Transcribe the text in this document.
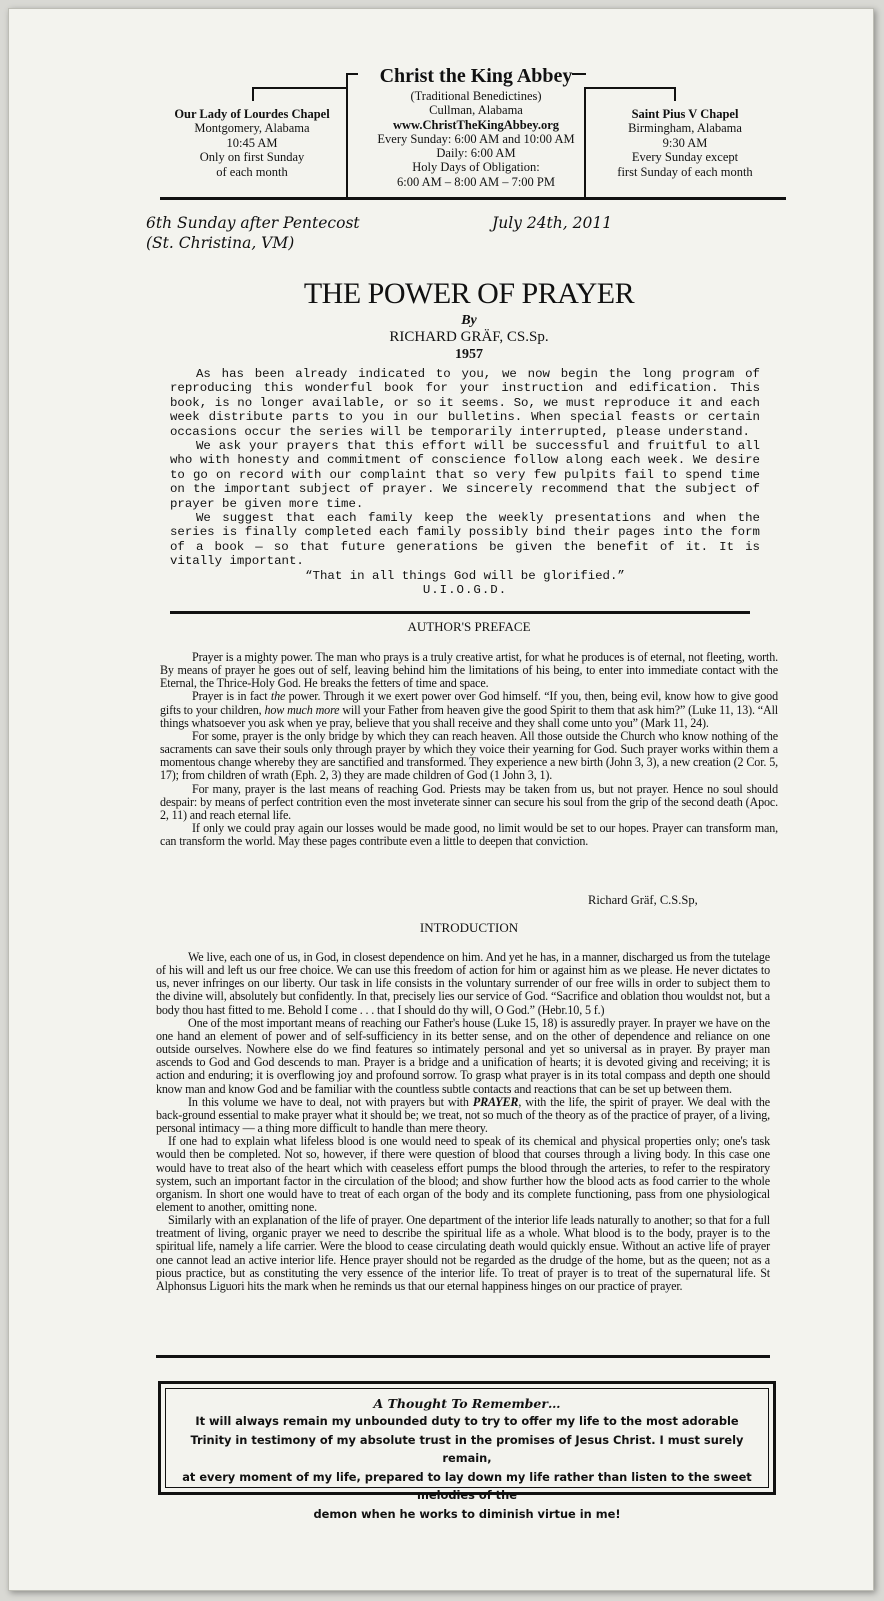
Our Lady of Lourdes Chapel
Montgomery, Alabama
10:45 AM
Only on first Sunday
of each month
Christ the King Abbey
(Traditional Benedictines)
Cullman, Alabama
www.ChristTheKingAbbey.org
Every Sunday: 6:00 AM and 10:00 AM
Daily: 6:00 AM
Holy Days of Obligation:
6:00 AM – 8:00 AM – 7:00 PM
Saint Pius V Chapel
Birmingham, Alabama
9:30 AM
Every Sunday except
first Sunday of each month
6th Sunday after Pentecost
(St. Christina, VM)
July 24th, 2011
THE POWER OF PRAYER
By
RICHARD GRÄF, CS.Sp.
1957

As has been already indicated to you, we now begin the long program of reproducing this wonderful book for your instruction and edification. This book, is no longer available, or so it seems. So, we must reproduce it and each week distribute parts to you in our bulletins. When special feasts or certain occasions occur the series will be temporarily interrupted, please understand.

We ask your prayers that this effort will be successful and fruitful to all who with honesty and commitment of conscience follow along each week. We desire to go on record with our complaint that so very few pulpits fail to spend time on the important subject of prayer. We sincerely recommend that the subject of prayer be given more time.

We suggest that each family keep the weekly presentations and when the series is finally completed each family possibly bind their pages into the form of a book — so that future generations be given the benefit of it. It is vitally important.

“That in all things God will be glorified.”

U.I.O.G.D.

AUTHOR'S PREFACE

Prayer is a mighty power. The man who prays is a truly creative artist, for what he produces is of eternal, not fleeting, worth. By means of prayer he goes out of self, leaving behind him the limitations of his being, to enter into immediate contact with the Eternal, the Thrice-Holy God. He breaks the fetters of time and space.

Prayer is in fact the power. Through it we exert power over God himself. “If you, then, being evil, know how to give good gifts to your children, how much more will your Father from heaven give the good Spirit to them that ask him?” (Luke 11, 13). “All things whatsoever you ask when ye pray, believe that you shall receive and they shall come unto you” (Mark 11, 24).

For some, prayer is the only bridge by which they can reach heaven. All those outside the Church who know nothing of the sacraments can save their souls only through prayer by which they voice their yearning for God. Such prayer works within them a momentous change whereby they are sanctified and transformed. They experience a new birth (John 3, 3), a new creation (2 Cor. 5, 17); from children of wrath (Eph. 2, 3) they are made children of God (1 John 3, 1).

For many, prayer is the last means of reaching God. Priests may be taken from us, but not prayer. Hence no soul should despair: by means of perfect contrition even the most inveterate sinner can secure his soul from the grip of the second death (Apoc. 2, 11) and reach eternal life.

If only we could pray again our losses would be made good, no limit would be set to our hopes. Prayer can transform man, can transform the world. May these pages contribute even a little to deepen that conviction.

Richard Gräf, C.S.Sp,
INTRODUCTION

We live, each one of us, in God, in closest dependence on him. And yet he has, in a manner, discharged us from the tutelage of his will and left us our free choice. We can use this freedom of action for him or against him as we please. He never dictates to us, never infringes on our liberty. Our task in life consists in the voluntary surrender of our free wills in order to subject them to the divine will, absolutely but confidently. In that, precisely lies our service of God. “Sacrifice and oblation thou wouldst not, but a body thou hast fitted to me. Behold I come . . . that I should do thy will, O God.” (Hebr.10, 5 f.)

One of the most important means of reaching our Father's house (Luke 15, 18) is assuredly prayer. In prayer we have on the one hand an element of power and of self-sufficiency in its better sense, and on the other of dependence and reliance on one outside ourselves. Nowhere else do we find features so intimately personal and yet so universal as in prayer. By prayer man ascends to God and God descends to man. Prayer is a bridge and a unification of hearts; it is devoted giving and receiving; it is action and enduring; it is overflowing joy and profound sorrow. To grasp what prayer is in its total compass and depth one should know man and know God and be familiar with the countless subtle contacts and reactions that can be set up between them.

In this volume we have to deal, not with prayers but with PRAYER, with the life, the spirit of prayer. We deal with the back-ground essential to make prayer what it should be; we treat, not so much of the theory as of the practice of prayer, of a living, personal intimacy — a thing more difficult to handle than mere theory.

If one had to explain what lifeless blood is one would need to speak of its chemical and physical properties only; one's task would then be completed. Not so, however, if there were question of blood that courses through a living body. In this case one would have to treat also of the heart which with ceaseless effort pumps the blood through the arteries, to refer to the respiratory system, such an important factor in the circulation of the blood; and show further how the blood acts as food carrier to the whole organism. In short one would have to treat of each organ of the body and its complete functioning, pass from one physiological element to another, omitting none.

Similarly with an explanation of the life of prayer. One department of the interior life leads naturally to another; so that for a full treatment of living, organic prayer we need to describe the spiritual life as a whole. What blood is to the body, prayer is to the spiritual life, namely a life carrier. Were the blood to cease circulating death would quickly ensue. Without an active life of prayer one cannot lead an active interior life. Hence prayer should not be regarded as the drudge of the home, but as the queen; not as a pious practice, but as constituting the very essence of the interior life. To treat of prayer is to treat of the supernatural life. St Alphonsus Liguori hits the mark when he reminds us that our eternal happiness hinges on our practice of prayer.

A Thought To Remember…
It will always remain my unbounded duty to try to offer my life to the most adorable
Trinity in testimony of my absolute trust in the promises of Jesus Christ. I must surely remain,
at every moment of my life, prepared to lay down my life rather than listen to the sweet melodies of the
demon when he works to diminish virtue in me!
